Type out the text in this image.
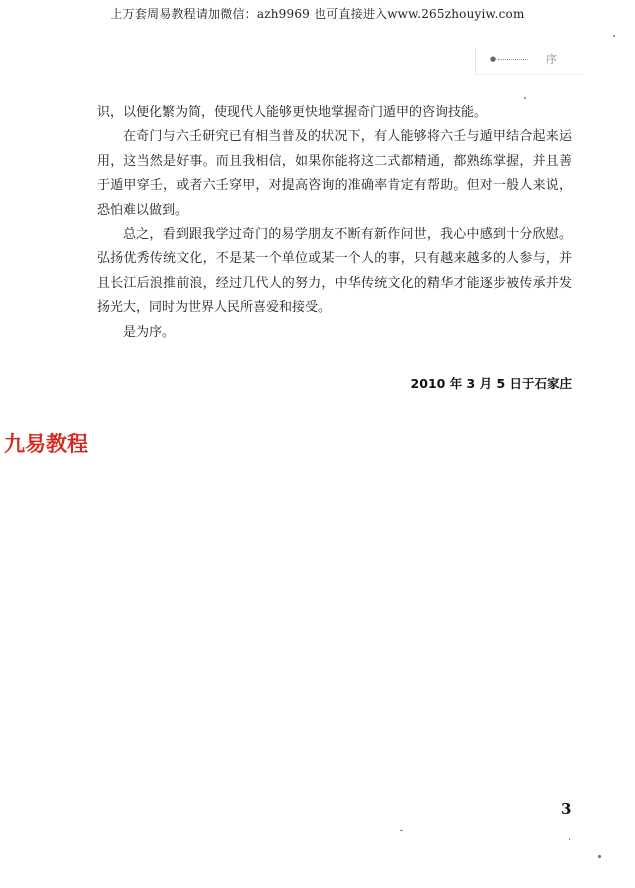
上万套周易教程请加微信：azh9969 也可直接进入www.265zhouyiw.com
●	序

识，以便化繁为简，使现代人能够更快地掌握奇门遁甲的咨询技能。

在奇门与六壬研究已有相当普及的状况下，有人能够将六壬与遁甲结合起来运用，这当然是好事。而且我相信，如果你能将这二式都精通，都熟练掌握，并且善于遁甲穿壬，或者六壬穿甲，对提高咨询的准确率肯定有帮助。但对一般人来说，恐怕难以做到。

总之，看到跟我学过奇门的易学朋友不断有新作问世，我心中感到十分欣慰。弘扬优秀传统文化，不是某一个单位或某一个人的事，只有越来越多的人参与，并且长江后浪推前浪，经过几代人的努力，中华传统文化的精华才能逐步被传承并发扬光大，同时为世界人民所喜爱和接受。

是为序。

2010 年 3 月 5 日于石家庄
九易教程
3
